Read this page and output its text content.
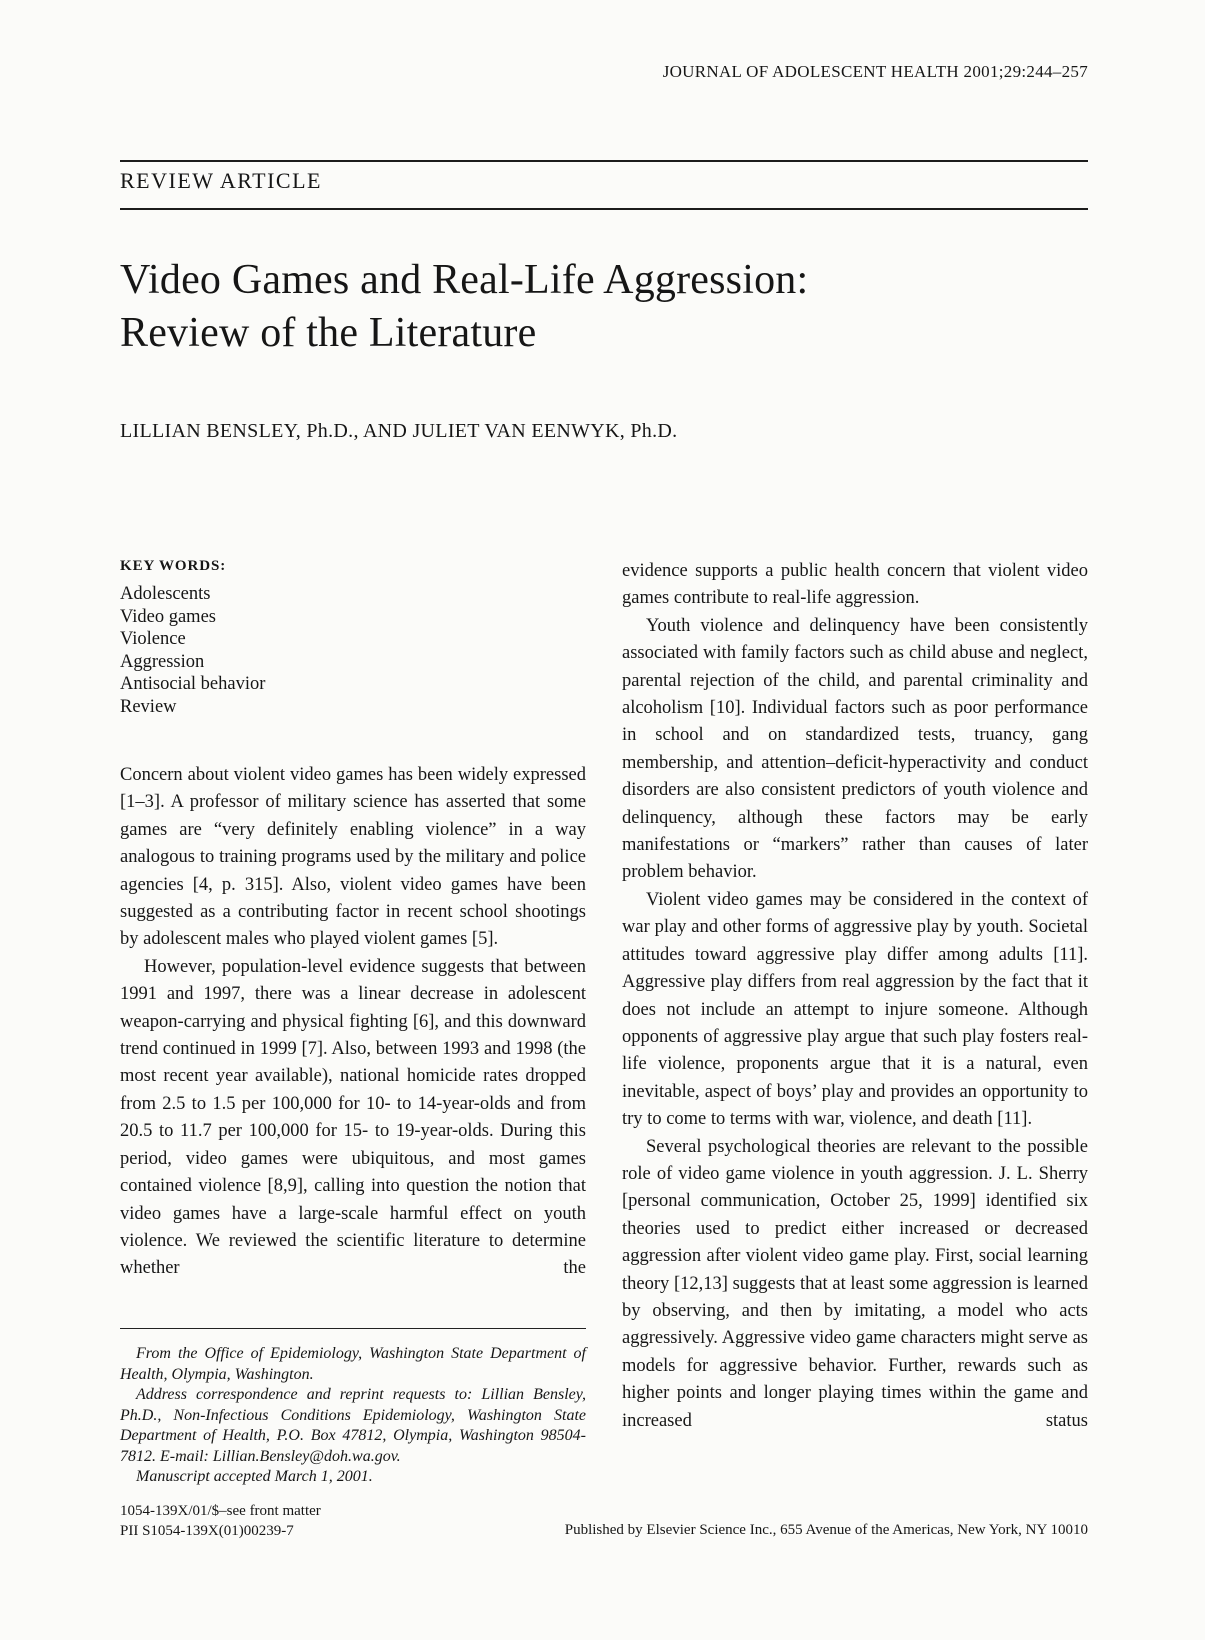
JOURNAL OF ADOLESCENT HEALTH 2001;29:244–257
REVIEW ARTICLE
Video Games and Real-Life Aggression:
Review of the Literature
LILLIAN BENSLEY, Ph.D., AND JULIET VAN EENWYK, Ph.D.
KEY WORDS:
Adolescents
Video games
Violence
Aggression
Antisocial behavior
Review

Concern about violent video games has been widely expressed [1–3]. A professor of military science has asserted that some games are “very definitely enabling violence” in a way analogous to training programs used by the military and police agencies [4, p. 315]. Also, violent video games have been suggested as a contributing factor in recent school shootings by adolescent males who played violent games [5].

However, population-level evidence suggests that between 1991 and 1997, there was a linear decrease in adolescent weapon-carrying and physical fighting [6], and this downward trend continued in 1999 [7]. Also, between 1993 and 1998 (the most recent year available), national homicide rates dropped from 2.5 to 1.5 per 100,000 for 10- to 14-year-olds and from 20.5 to 11.7 per 100,000 for 15- to 19-year-olds. During this period, video games were ubiquitous, and most games contained violence [8,9], calling into question the notion that video games have a large-scale harmful effect on youth violence. We reviewed the scientific literature to determine whether the

evidence supports a public health concern that violent video games contribute to real-life aggression.

Youth violence and delinquency have been consistently associated with family factors such as child abuse and neglect, parental rejection of the child, and parental criminality and alcoholism [10]. Individual factors such as poor performance in school and on standardized tests, truancy, gang membership, and attention–deficit-hyperactivity and conduct disorders are also consistent predictors of youth violence and delinquency, although these factors may be early manifestations or “markers” rather than causes of later problem behavior.

Violent video games may be considered in the context of war play and other forms of aggressive play by youth. Societal attitudes toward aggressive play differ among adults [11]. Aggressive play differs from real aggression by the fact that it does not include an attempt to injure someone. Although opponents of aggressive play argue that such play fosters real-life violence, proponents argue that it is a natural, even inevitable, aspect of boys’ play and provides an opportunity to try to come to terms with war, violence, and death [11].

Several psychological theories are relevant to the possible role of video game violence in youth aggression. J. L. Sherry [personal communication, October 25, 1999] identified six theories used to predict either increased or decreased aggression after violent video game play. First, social learning theory [12,13] suggests that at least some aggression is learned by observing, and then by imitating, a model who acts aggressively. Aggressive video game characters might serve as models for aggressive behavior. Further, rewards such as higher points and longer playing times within the game and increased status

From the Office of Epidemiology, Washington State Department of Health, Olympia, Washington.

Address correspondence and reprint requests to: Lillian Bensley, Ph.D., Non-Infectious Conditions Epidemiology, Washington State Department of Health, P.O. Box 47812, Olympia, Washington 98504-7812. E-mail: Lillian.Bensley@doh.wa.gov.

Manuscript accepted March 1, 2001.

1054-139X/01/$–see front matter
PII S1054-139X(01)00239-7	Published by Elsevier Science Inc., 655 Avenue of the Americas, New York, NY 10010
